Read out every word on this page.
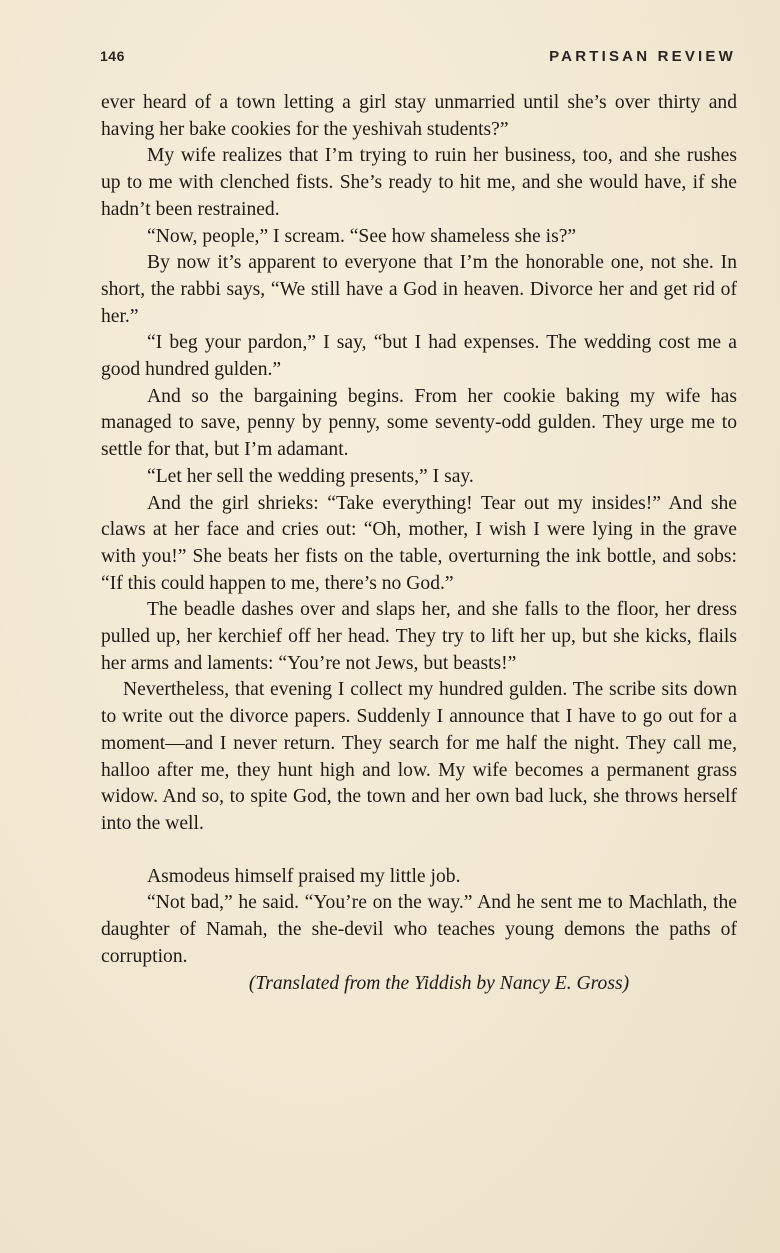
146	PARTISAN REVIEW

ever heard of a town letting a girl stay unmarried until she’s over thirty and having her bake cookies for the yeshivah students?”

My wife realizes that I’m trying to ruin her business, too, and she rushes up to me with clenched fists. She’s ready to hit me, and she would have, if she hadn’t been restrained.

“Now, people,” I scream. “See how shameless she is?”

By now it’s apparent to everyone that I’m the honorable one, not she. In short, the rabbi says, “We still have a God in heaven. Divorce her and get rid of her.”

“I beg your pardon,” I say, “but I had expenses. The wedding cost me a good hundred gulden.”

And so the bargaining begins. From her cookie baking my wife has managed to save, penny by penny, some seventy-odd gulden. They urge me to settle for that, but I’m adamant.

“Let her sell the wedding presents,” I say.

And the girl shrieks: “Take everything! Tear out my insides!” And she claws at her face and cries out: “Oh, mother, I wish I were lying in the grave with you!” She beats her fists on the table, overturning the ink bottle, and sobs: “If this could happen to me, there’s no God.”

The beadle dashes over and slaps her, and she falls to the floor, her dress pulled up, her kerchief off her head. They try to lift her up, but she kicks, flails her arms and laments: “You’re not Jews, but beasts!”

Nevertheless, that evening I collect my hundred gulden. The scribe sits down to write out the divorce papers. Suddenly I announce that I have to go out for a moment—and I never return. They search for me half the night. They call me, halloo after me, they hunt high and low. My wife becomes a permanent grass widow. And so, to spite God, the town and her own bad luck, she throws herself into the well.

Asmodeus himself praised my little job.

“Not bad,” he said. “You’re on the way.” And he sent me to Machlath, the daughter of Namah, the she-devil who teaches young demons the paths of corruption.

(Translated from the Yiddish by Nancy E. Gross)
